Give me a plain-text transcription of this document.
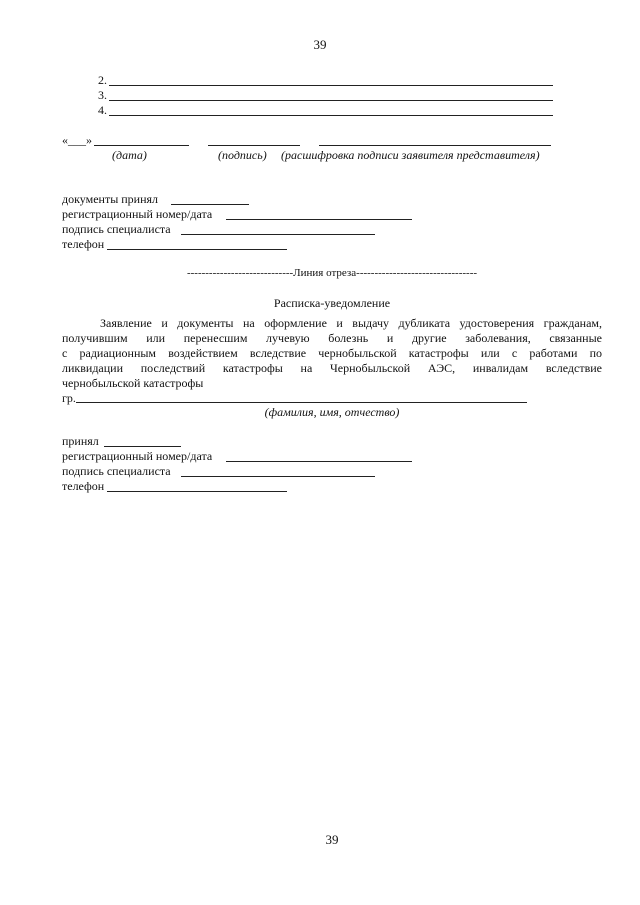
39
2.
3.
4.
«___»
(дата)	(подпись) (расшифровка подписи заявителя представителя)
документы принял
регистрационный номер/дата
подпись специалиста
телефон
-----------------------------Линия отреза---------------------------------
Расписка-уведомление
Заявление и документы на оформление и выдачу дубликата удостоверения гражданам,
получившим или перенесшим лучевую болезнь и другие заболевания, связанные
с радиационным воздействием вследствие чернобыльской катастрофы или с работами по
ликвидации последствий катастрофы на Чернобыльской АЭС, инвалидам вследствие
чернобыльской катастрофы
гр.
(фамилия, имя, отчество)
принял
регистрационный номер/дата
подпись специалиста
телефон
39
